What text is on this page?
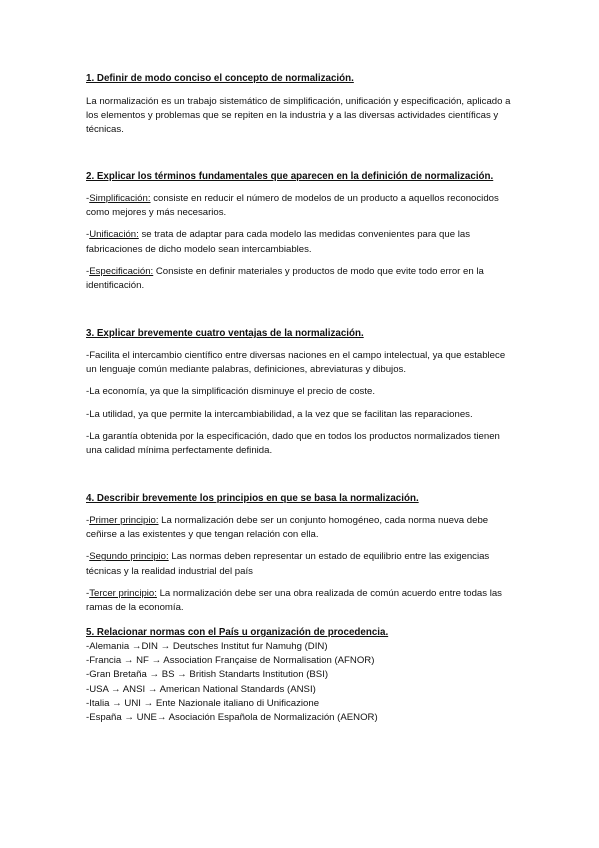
1. Definir de modo conciso el concepto de normalización.

La normalización es un trabajo sistemático de simplificación, unificación y especificación, aplicado a los elementos y problemas que se repiten en la industria y a las diversas actividades científicas y técnicas.

2. Explicar los términos fundamentales que aparecen en la definición de normalización.

-Simplificación: consiste en reducir el número de modelos de un producto a aquellos reconocidos como mejores y más necesarios.

-Unificación: se trata de adaptar para cada modelo las medidas convenientes para que las fabricaciones de dicho modelo sean intercambiables.

-Especificación: Consiste en definir materiales y productos de modo que evite todo error en la identificación.

3. Explicar brevemente cuatro ventajas de la normalización.

-Facilita el intercambio científico entre diversas naciones en el campo intelectual, ya que establece un lenguaje común mediante palabras, definiciones, abreviaturas y dibujos.

-La economía, ya que la simplificación disminuye el precio de coste.

-La utilidad, ya que permite la intercambiabilidad, a la vez que se facilitan las reparaciones.

-La garantía obtenida por la especificación, dado que en todos los productos normalizados tienen una calidad mínima perfectamente definida.

4. Describir brevemente los principios en que se basa la normalización.

-Primer principio: La normalización debe ser un conjunto homogéneo, cada norma nueva debe ceñirse a las existentes y que tengan relación con ella.

-Segundo principio: Las normas deben representar un estado de equilibrio entre las exigencias técnicas y la realidad industrial del país

-Tercer principio: La normalización debe ser una obra realizada de común acuerdo entre todas las ramas de la economía.

5. Relacionar normas con el País u organización de procedencia.

-Alemania →DIN → Deutsches Institut fur Namuhg (DIN)

-Francia → NF → Association Française de Normalisation (AFNOR)

-Gran Bretaña → BS → British Standarts Institution (BSI)

-USA → ANSI → American National Standards (ANSI)

-Italia → UNI → Ente Nazionale italiano di Unificazione

-España → UNE→ Asociación Española de Normalización (AENOR)
